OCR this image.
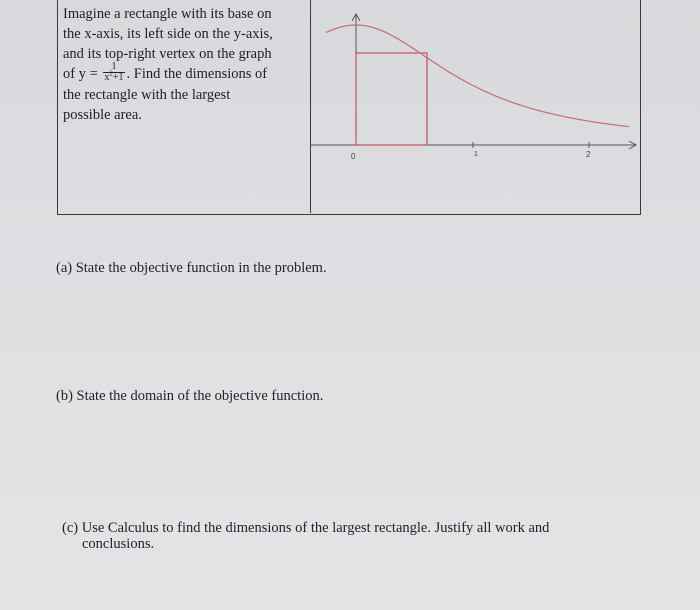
Imagine a rectangle with its base on
the x-axis, its left side on the y-axis,
and its top-right vertex on the graph
of $y = \frac{1}{x^2+1}$ . Find the dimensions of
the rectangle with the largest
possible area.
0	1	2
(a) State the objective function in the problem.
(b) State the domain of the objective function.
(c) Use Calculus to find the dimensions of the largest rectangle. Justify all work and
conclusions.
